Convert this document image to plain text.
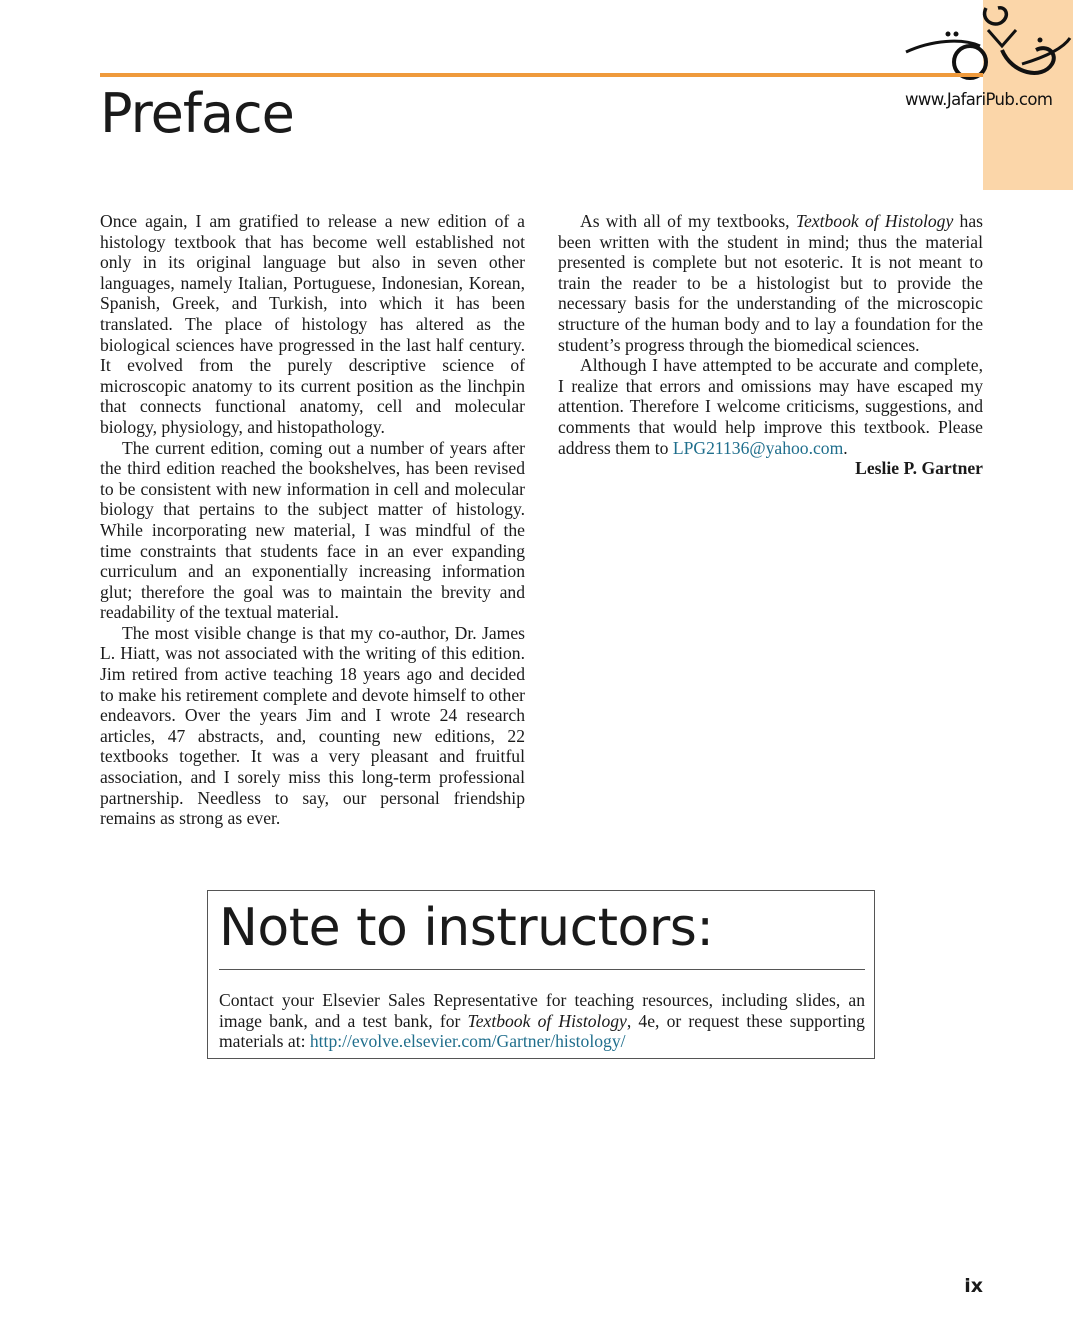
www.JafariPub.com
Preface

Once again, I am gratified to release a new edition of a histology textbook that has become well established not only in its original language but also in seven other languages, namely Italian, Portuguese, Indonesian, Korean, Spanish, Greek, and Turkish, into which it has been translated. The place of histology has altered as the biological sciences have progressed in the last half century. It evolved from the purely descriptive science of microscopic anatomy to its current position as the linchpin that connects functional anatomy, cell and molecular biology, physiology, and histopathology.

The current edition, coming out a number of years after the third edition reached the bookshelves, has been revised to be consistent with new information in cell and molecular biology that pertains to the subject matter of histology. While incorporating new material, I was mindful of the time constraints that students face in an ever expanding curriculum and an exponentially increasing information glut; therefore the goal was to maintain the brevity and readability of the textual material.

The most visible change is that my co-author, Dr. James L. Hiatt, was not associated with the writing of this edition. Jim retired from active teaching 18 years ago and decided to make his retirement complete and devote himself to other endeavors. Over the years Jim and I wrote 24 research articles, 47 abstracts, and, counting new editions, 22 textbooks together. It was a very pleasant and fruitful association, and I sorely miss this long-term professional partnership. Needless to say, our personal friendship remains as strong as ever.

As with all of my textbooks, Textbook of Histology has been written with the student in mind; thus the material presented is complete but not esoteric. It is not meant to train the reader to be a histologist but to provide the necessary basis for the understanding of the microscopic structure of the human body and to lay a foundation for the student’s progress through the biomedical sciences.

Although I have attempted to be accurate and complete, I realize that errors and omissions may have escaped my attention. Therefore I welcome criticisms, suggestions, and comments that would help improve this textbook. Please address them to LPG21136@yahoo.com.

Leslie P. Gartner

Note to instructors:

Contact your Elsevier Sales Representative for teaching resources, including slides, an image bank, and a test bank, for Textbook of Histology, 4e, or request these supporting materials at: http://evolve.elsevier.com/Gartner/histology/

ix
